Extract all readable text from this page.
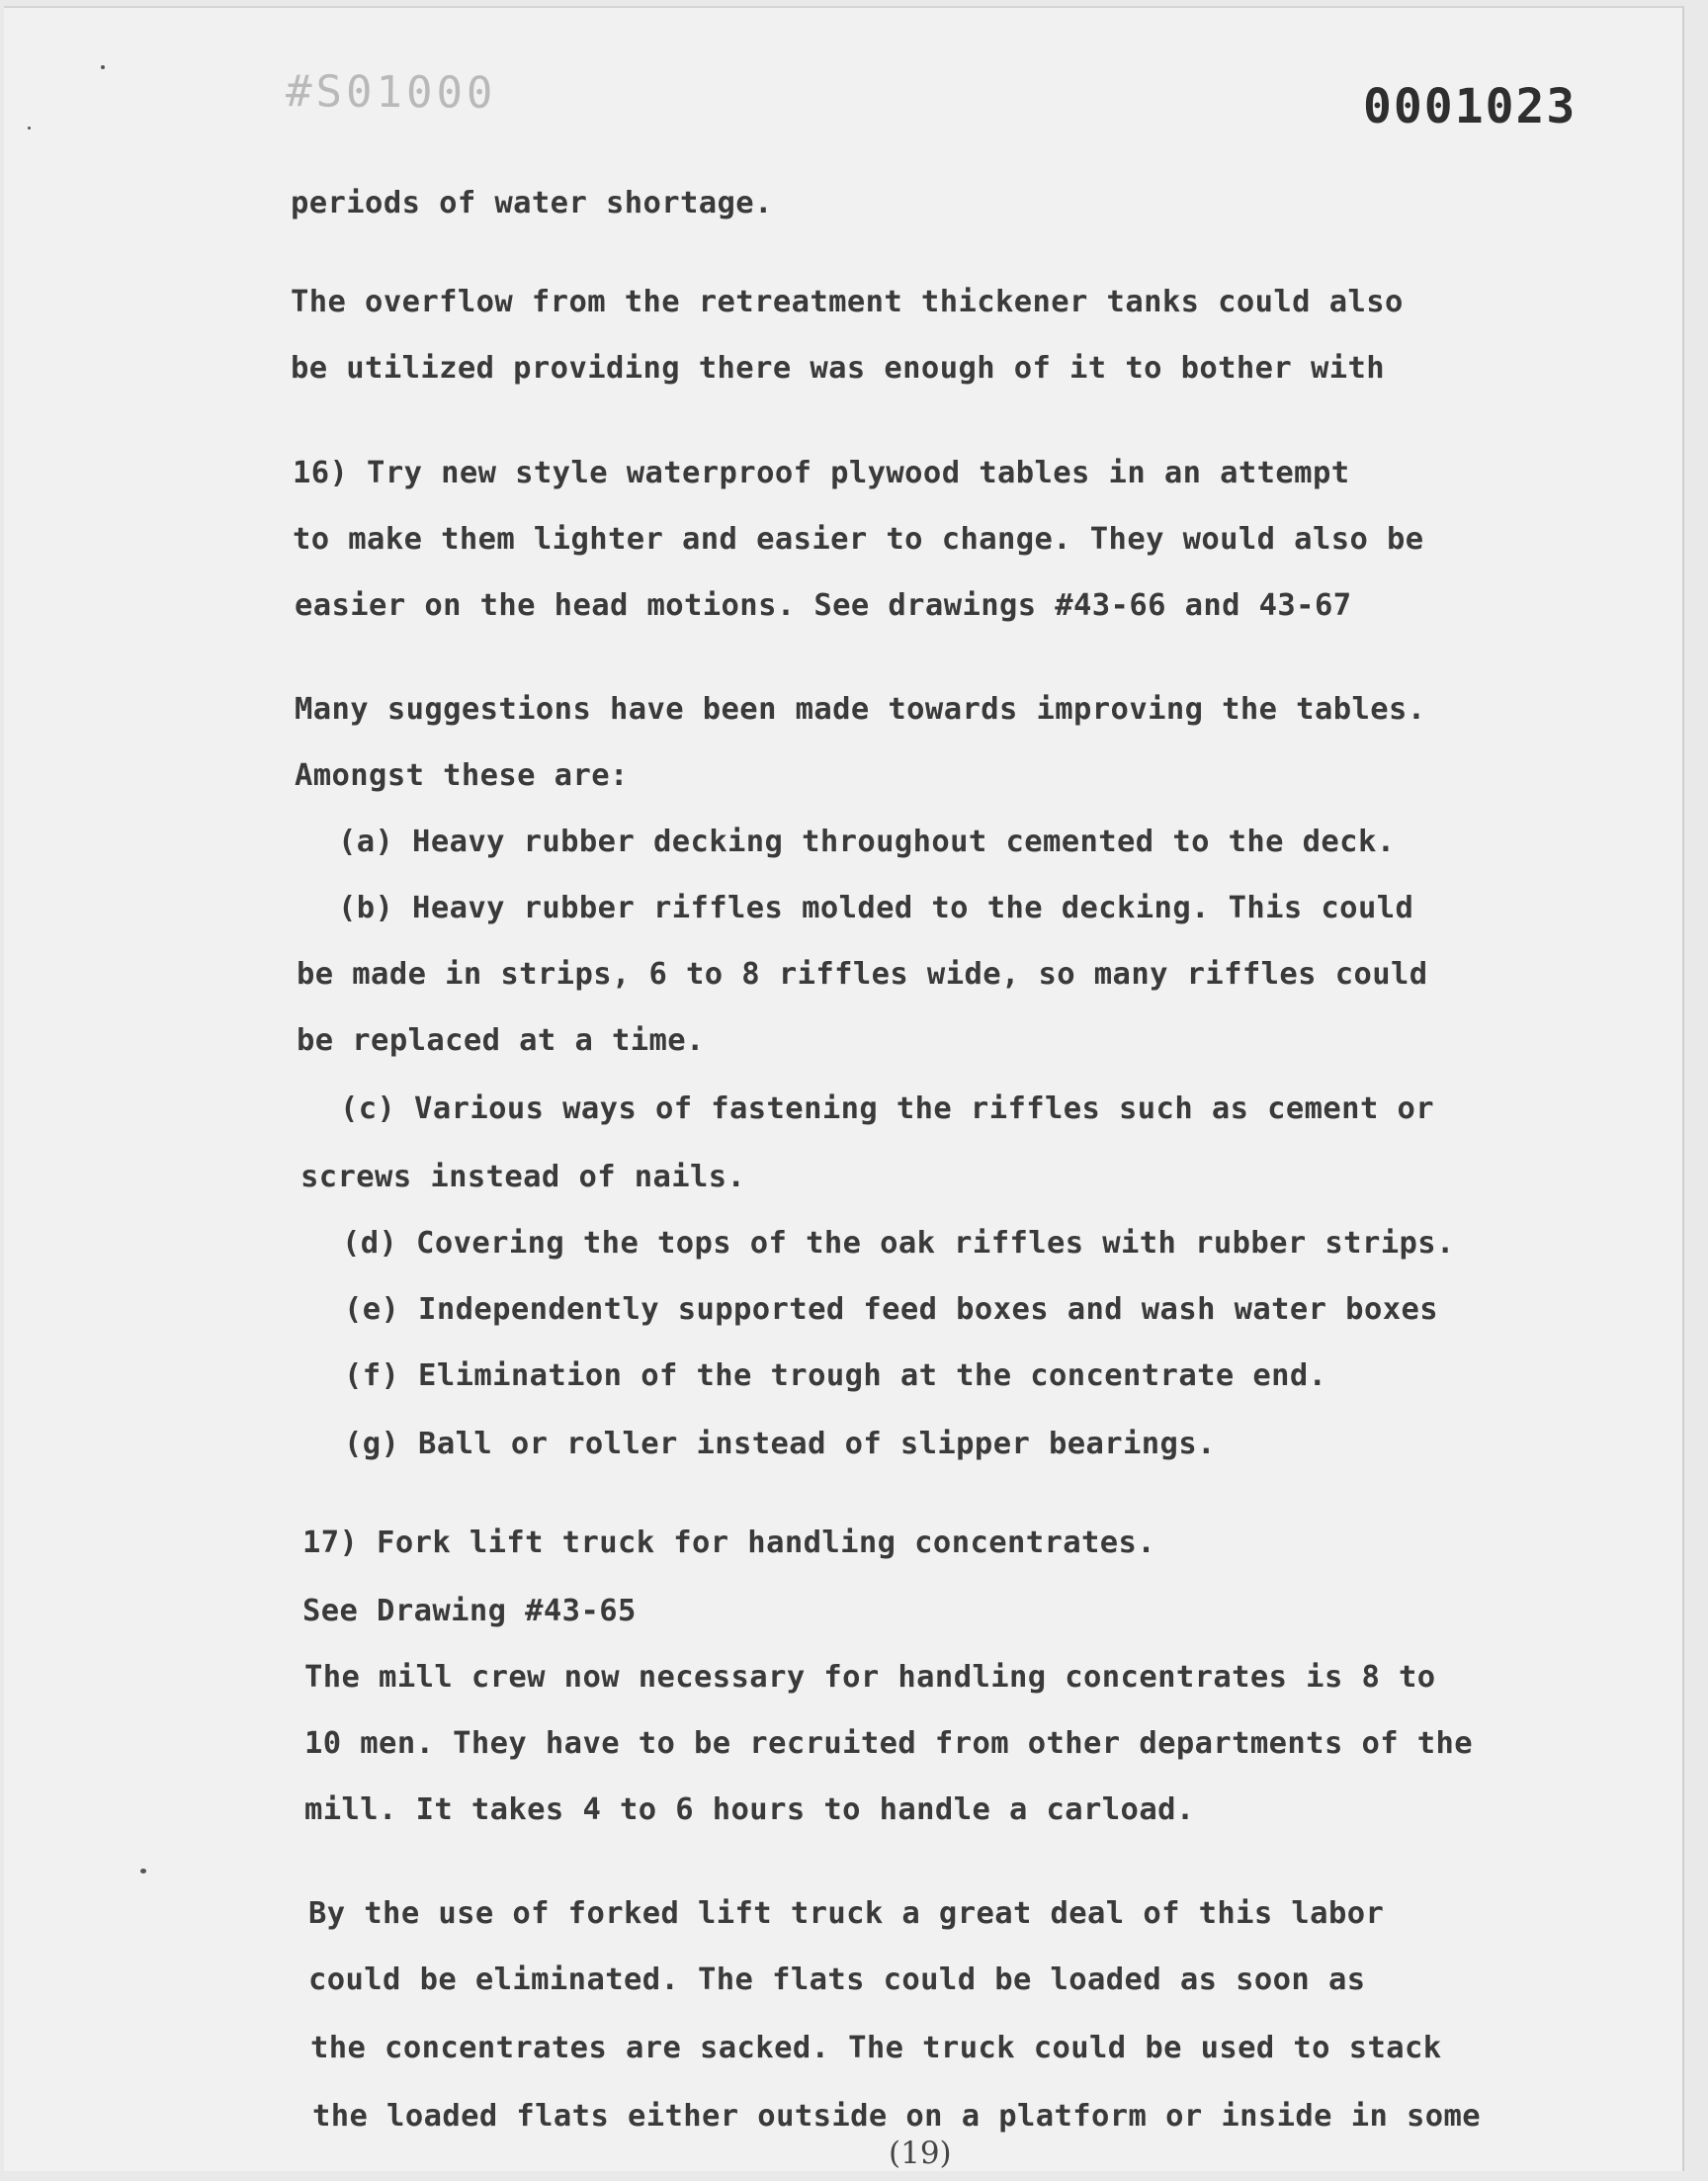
#S01000	0001023
periods of water shortage.
The overflow from the retreatment thickener tanks could also
be utilized providing there was enough of it to bother with
16) Try new style waterproof plywood tables in an attempt
to make them lighter and easier to change. They would also be
easier on the head motions. See drawings #43-66 and 43-67
Many suggestions have been made towards improving the tables.
Amongst these are:
(a) Heavy rubber decking throughout cemented to the deck.
(b) Heavy rubber riffles molded to the decking. This could
be made in strips, 6 to 8 riffles wide, so many riffles could
be replaced at a time.
(c) Various ways of fastening the riffles such as cement or
screws instead of nails.
(d) Covering the tops of the oak riffles with rubber strips.
(e) Independently supported feed boxes and wash water boxes
(f) Elimination of the trough at the concentrate end.
(g) Ball or roller instead of slipper bearings.
17) Fork lift truck for handling concentrates.
See Drawing #43-65
The mill crew now necessary for handling concentrates is 8 to
10 men. They have to be recruited from other departments of the
mill. It takes 4 to 6 hours to handle a carload.
By the use of forked lift truck a great deal of this labor
could be eliminated. The flats could be loaded as soon as
the concentrates are sacked. The truck could be used to stack
the loaded flats either outside on a platform or inside in some
(19)
